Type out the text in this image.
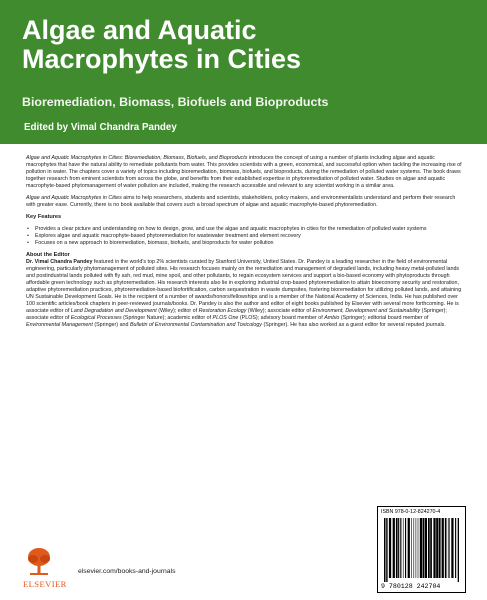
Algae and Aquatic
Macrophytes in Cities
Bioremediation, Biomass, Biofuels and Bioproducts

Edited by Vimal Chandra Pandey

Algae and Aquatic Macrophytes in Cities: Bioremediation, Biomass, Biofuels, and Bioproducts introduces the concept of using a number of plants including algae and aquatic macrophytes that have the natural ability to remediate pollutants from water. This provides scientists with a green, economical, and successful option when tackling the increasing rise of pollution in water. The chapters cover a variety of topics including bioremediation, biomass, biofuels, and bioproducts, during the remediation of polluted water systems. The book draws together research from eminent scientists from across the globe, and benefits from their established expertise in phytoremediation of polluted water. Studies on algae and aquatic macrophyte-based phytomanagement of water pollution are included, making the research accessible and relevant to any scientist working in a similar area.

Algae and Aquatic Macrophytes in Cities aims to help researchers, students and scientists, stakeholders, policy makers, and environmentalists understand and perform their research with greater ease. Currently, there is no book available that covers such a broad spectrum of algae and aquatic macrophyte-based phytoremediation.

Key Features

• Provides a clear picture and understanding on how to design, grow, and use the algae and aquatic macrophytes in cities for the remediation of polluted water systems
• Explores algae and aquatic macrophyte-based phytoremediation for wastewater treatment and element recovery
• Focuses on a new approach to bioremediation, biomass, biofuels, and bioproducts for water pollution

About the Editor

Dr. Vimal Chandra Pandey featured in the world's top 2% scientists curated by Stanford University, United States. Dr. Pandey is a leading researcher in the field of environmental engineering, particularly phytomanagement of polluted sites. His research focuses mainly on the remediation and management of degraded lands, including heavy metal-polluted lands and postindustrial lands polluted with fly ash, red mud, mine spoil, and other pollutants, to regain ecosystem services and support a bio-based economy with phytoproducts through affordable green technology such as phytoremediation. His research interests also lie in exploring industrial crop-based phytoremediation to attain bioeconomy security and restoration, adaptive phytoremediation practices, phytoremediation-based biofortification, carbon sequestration in waste dumpsites, fostering bioremediation for utilizing polluted lands, and attaining UN Sustainable Development Goals. He is the recipient of a number of awards/honors/fellowships and is a member of the National Academy of Sciences, India. He has published over 100 scientific articles/book chapters in peer-reviewed journals/books. Dr. Pandey is also the author and editor of eight books published by Elsevier with several more forthcoming. He is associate editor of Land Degradation and Development (Wiley); editor of Restoration Ecology (Wiley); associate editor of Environment, Development and Sustainability (Springer); associate editor of Ecological Processes (Springer Nature); academic editor of PLOS One (PLOS); advisory board member of Ambio (Springer); editorial board member of Environmental Management (Springer) and Bulletin of Environmental Contamination and Toxicology (Springer). He has also worked as a guest editor for several reputed journals.

ELSEVIER
elsevier.com/books-and-journals
ISBN 978-0-12-824270-4
9 780128 242704
